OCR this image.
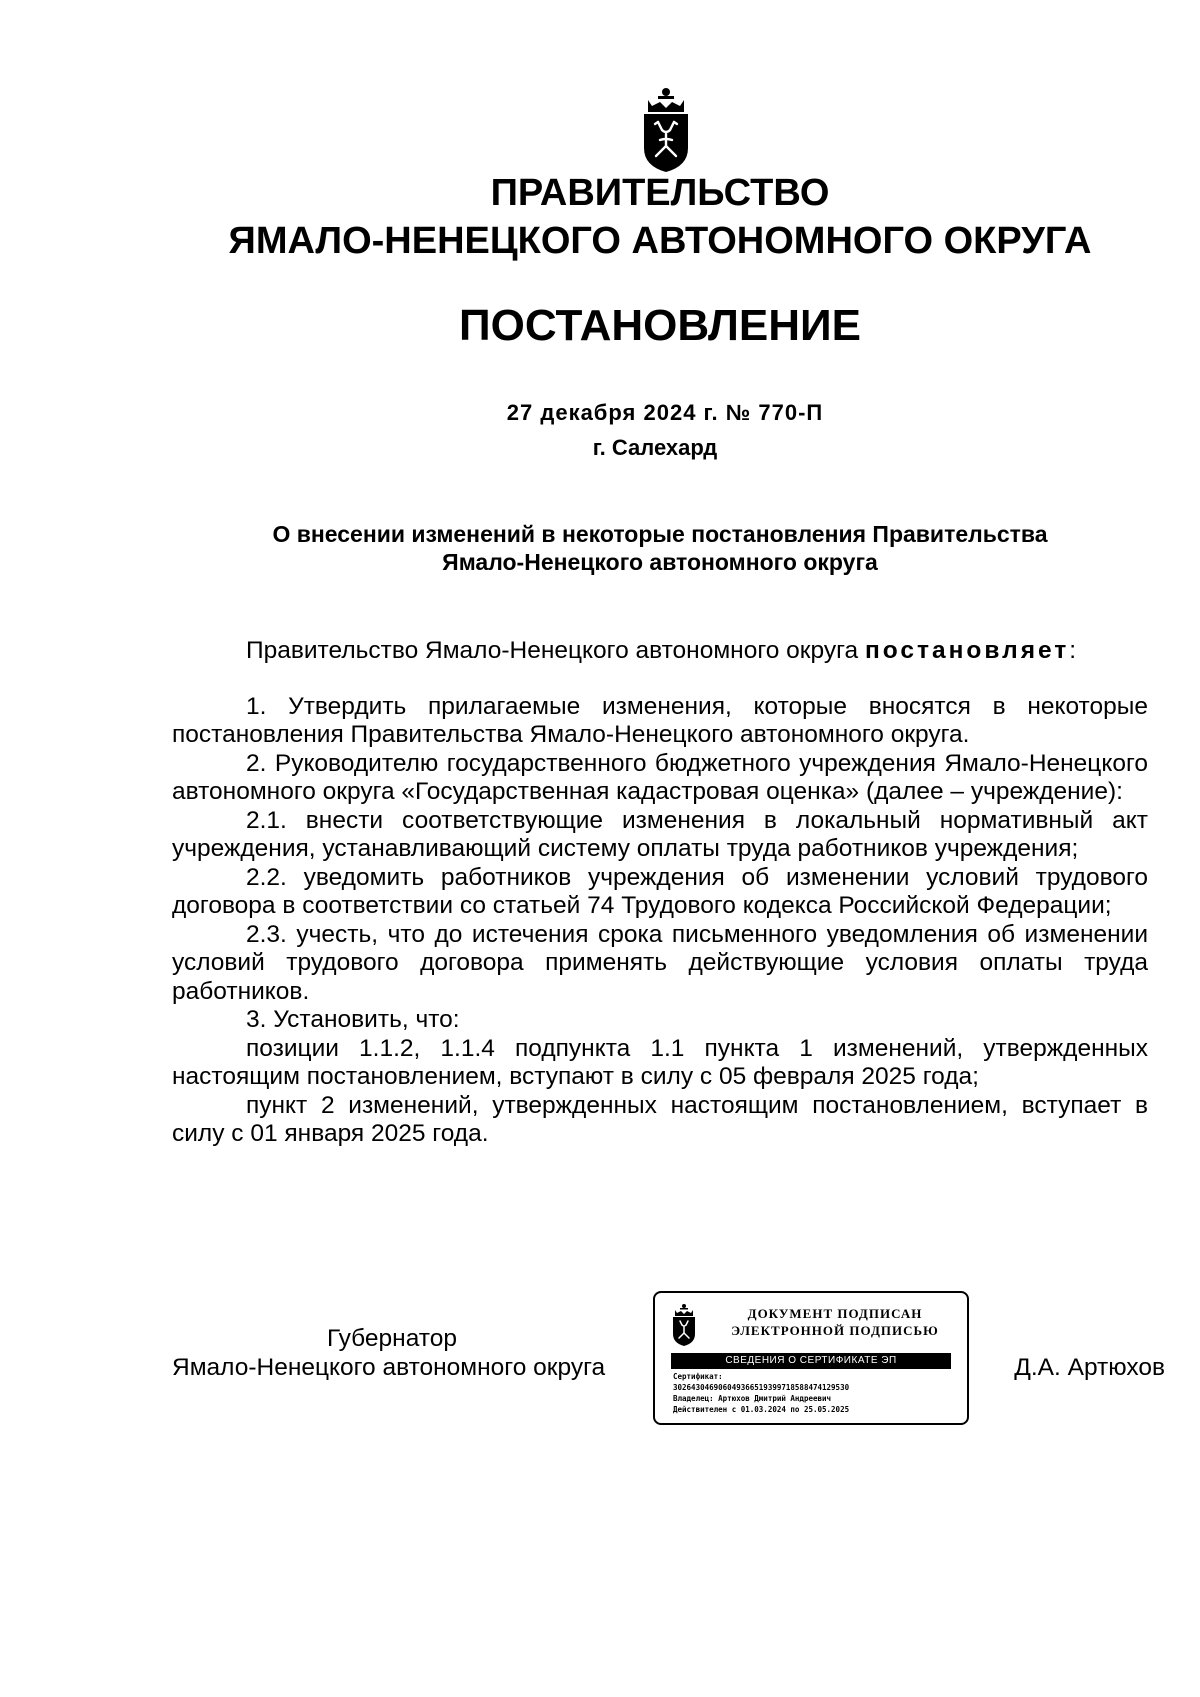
ПРАВИТЕЛЬСТВО
ЯМАЛО-НЕНЕЦКОГО АВТОНОМНОГО ОКРУГА
ПОСТАНОВЛЕНИЕ
27 декабря 2024 г. № 770-П
г. Салехард
О внесении изменений в некоторые постановления Правительства
Ямало-Ненецкого автономного округа

Правительство Ямало-Ненецкого автономного округа постановляет:

1. Утвердить прилагаемые изменения, которые вносятся в некоторые постановления Правительства Ямало-Ненецкого автономного округа.

2. Руководителю государственного бюджетного учреждения Ямало-Ненецкого автономного округа «Государственная кадастровая оценка» (далее – учреждение):

2.1. внести соответствующие изменения в локальный нормативный акт учреждения, устанавливающий систему оплаты труда работников учреждения;

2.2. уведомить работников учреждения об изменении условий трудового договора в соответствии со статьей 74 Трудового кодекса Российской Федерации;

2.3. учесть, что до истечения срока письменного уведомления об изменении условий трудового договора применять действующие условия оплаты труда работников.

3. Установить, что:

позиции 1.1.2, 1.1.4 подпункта 1.1 пункта 1 изменений, утвержденных настоящим постановлением, вступают в силу с 05 февраля 2025 года;

пункт 2 изменений, утвержденных настоящим постановлением, вступает в силу с 01 января 2025 года.

Губернатор
Ямало-Ненецкого автономного округа
ДОКУМЕНТ ПОДПИСАН
ЭЛЕКТРОННОЙ ПОДПИСЬЮ
СВЕДЕНИЯ О СЕРТИФИКАТЕ ЭП
Сертификат:
302643046906049366519399718588474129530
Владелец: Артюхов Дмитрий Андреевич
Действителен с 01.03.2024 по 25.05.2025
Д.А. Артюхов
